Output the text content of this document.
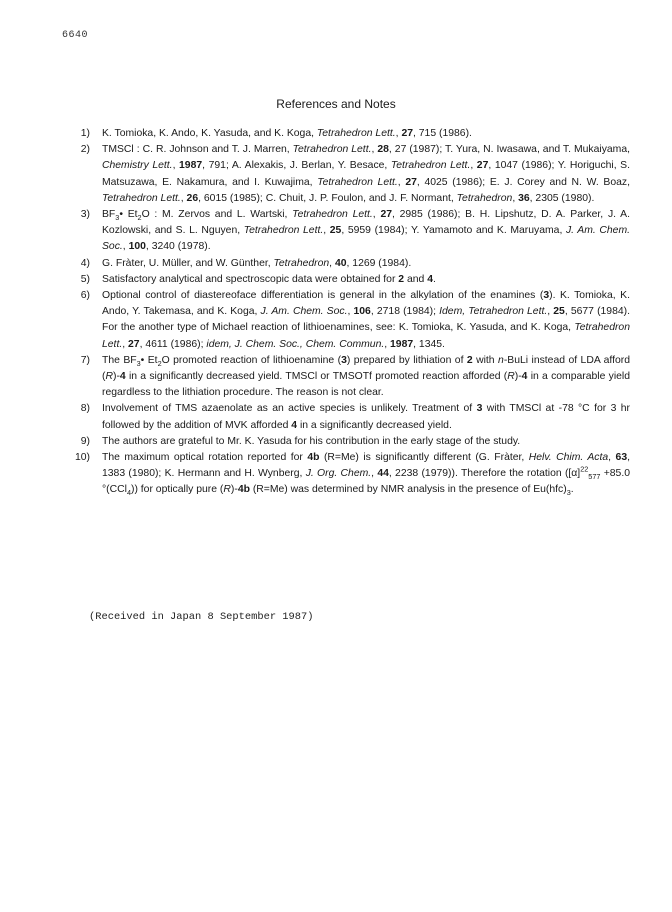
6640
References and Notes
1) K. Tomioka, K. Ando, K. Yasuda, and K. Koga, Tetrahedron Lett., 27, 715 (1986).
2) TMSCl : C. R. Johnson and T. J. Marren, Tetrahedron Lett., 28, 27 (1987); T. Yura, N. Iwasawa, and T. Mukaiyama, Chemistry Lett., 1987, 791; A. Alexakis, J. Berlan, Y. Besace, Tetrahedron Lett., 27, 1047 (1986); Y. Horiguchi, S. Matsuzawa, E. Nakamura, and I. Kuwajima, Tetrahedron Lett., 27, 4025 (1986); E. J. Corey and N. W. Boaz, Tetrahedron Lett., 26, 6015 (1985); C. Chuit, J. P. Foulon, and J. F. Normant, Tetrahedron, 36, 2305 (1980).
3) $BF_3•$ $Et_2O$ : M. Zervos and L. Wartski, Tetrahedron Lett., 27, 2985 (1986); B. H. Lipshutz, D. A. Parker, J. A. Kozlowski, and S. L. Nguyen, Tetrahedron Lett., 25, 5959 (1984); Y. Yamamoto and K. Maruyama, J. Am. Chem. Soc., 100, 3240 (1978).
4) G. Fràter, U. Müller, and W. Günther, Tetrahedron, 40, 1269 (1984).
5) Satisfactory analytical and spectroscopic data were obtained for 2 and 4.
6) Optional control of diastereoface differentiation is general in the alkylation of the enamines (3). K. Tomioka, K. Ando, Y. Takemasa, and K. Koga, J. Am. Chem. Soc., 106, 2718 (1984); Idem, Tetrahedron Lett., 25, 5677 (1984). For the another type of Michael reaction of lithioenamines, see: K. Tomioka, K. Yasuda, and K. Koga, Tetrahedron Lett., 27, 4611 (1986); idem, J. Chem. Soc., Chem. Commun., 1987, 1345.
7) The $BF_3•$ $Et_2O$ promoted reaction of lithioenamine (3) prepared by lithiation of 2 with n-BuLi instead of LDA afford (R)-4 in a significantly decreased yield. TMSCl or TMSOTf promoted reaction afforded (R)-4 in a comparable yield regardless to the lithiation procedure. The reason is not clear.
8) Involvement of TMS azaenolate as an active species is unlikely. Treatment of 3 with TMSCl at -78 °C for 3 hr followed by the addition of MVK afforded 4 in a significantly decreased yield.
9) The authors are grateful to Mr. K. Yasuda for his contribution in the early stage of the study.
10) The maximum optical rotation reported for 4b (R=Me) is significantly different (G. Fràter, Helv. Chim. Acta, 63, 1383 (1980); K. Hermann and H. Wynberg, J. Org. Chem., 44, 2238 (1979)). Therefore the rotation ($[\alpha]^{22}_{577} +85.0$ °(CCl$_4$)) for optically pure (R)-4b (R=Me) was determined by NMR analysis in the presence of $Eu(hfc)_3$.
(Received in Japan 8 September 1987)
